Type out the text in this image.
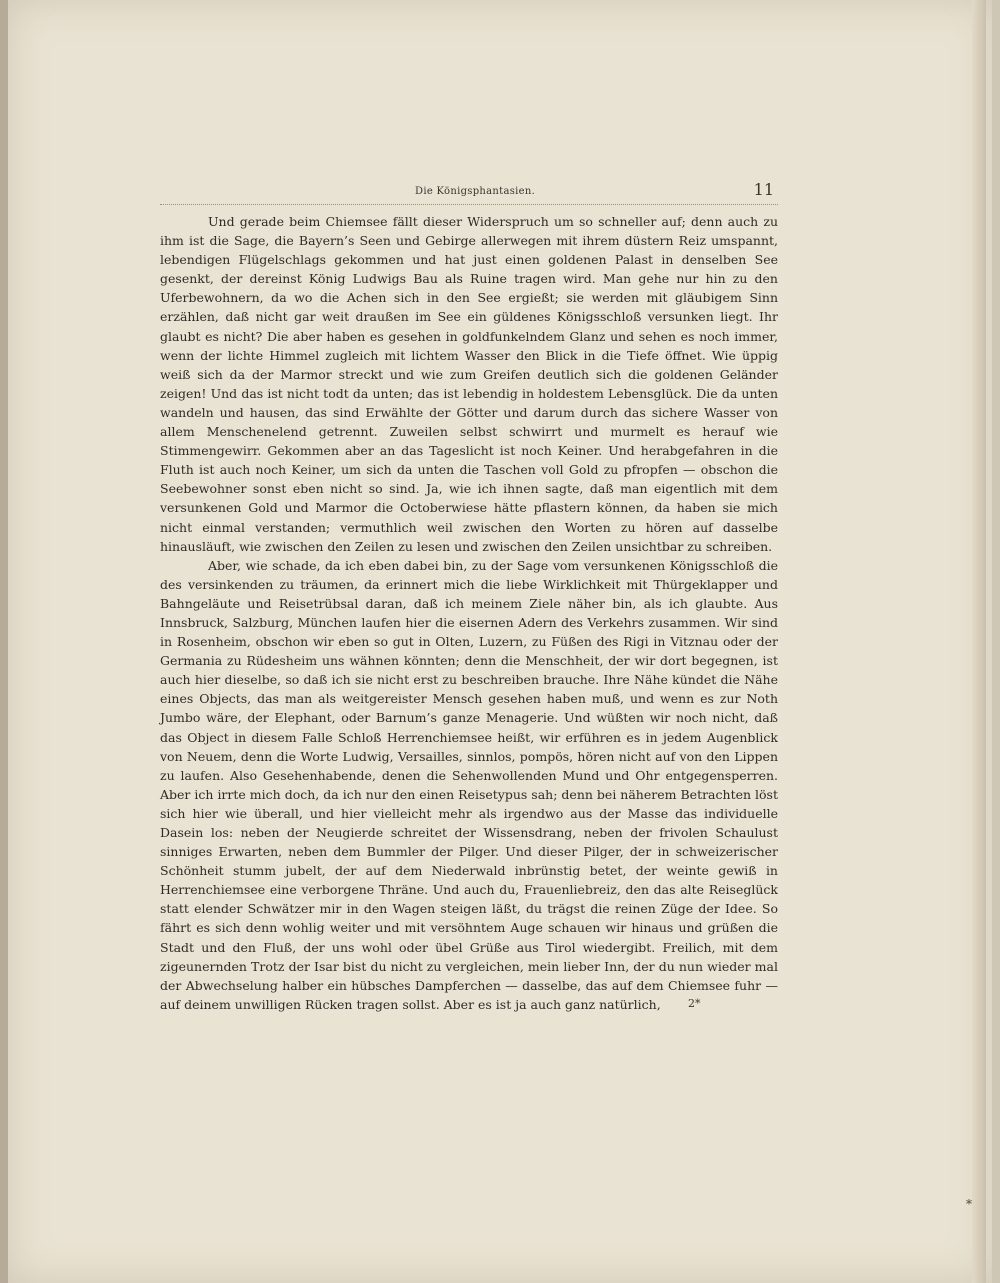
Die Königsphantasien.	11

Und gerade beim Chiemsee fällt dieser Widerspruch um so schneller auf; denn auch zu ihm ist die Sage, die Bayern’s Seen und Gebirge allerwegen mit ihrem düstern Reiz umspannt, lebendigen Flügelschlags gekommen und hat just einen goldenen Palast in denselben See gesenkt, der dereinst König Ludwigs Bau als Ruine tragen wird. Man gehe nur hin zu den Uferbewohnern, da wo die Achen sich in den See ergießt; sie werden mit gläubigem Sinn erzählen, daß nicht gar weit draußen im See ein güldenes Königsschloß versunken liegt. Ihr glaubt es nicht? Die aber haben es gesehen in goldfunkelndem Glanz und sehen es noch immer, wenn der lichte Himmel zugleich mit lichtem Wasser den Blick in die Tiefe öffnet. Wie üppig weiß sich da der Marmor streckt und wie zum Greifen deutlich sich die goldenen Geländer zeigen! Und das ist nicht todt da unten; das ist lebendig in holdestem Lebensglück. Die da unten wandeln und hausen, das sind Erwählte der Götter und darum durch das sichere Wasser von allem Menschenelend getrennt. Zuweilen selbst schwirrt und murmelt es herauf wie Stimmengewirr. Gekommen aber an das Tageslicht ist noch Keiner. Und herabgefahren in die Fluth ist auch noch Keiner, um sich da unten die Taschen voll Gold zu pfropfen — obschon die Seebewohner sonst eben nicht so sind. Ja, wie ich ihnen sagte, daß man eigentlich mit dem versunkenen Gold und Marmor die Octoberwiese hätte pflastern können, da haben sie mich nicht einmal verstanden; vermuthlich weil zwischen den Worten zu hören auf dasselbe hinausläuft, wie zwischen den Zeilen zu lesen und zwischen den Zeilen unsichtbar zu schreiben.

Aber, wie schade, da ich eben dabei bin, zu der Sage vom versunkenen Königsschloß die des versinkenden zu träumen, da erinnert mich die liebe Wirklichkeit mit Thürgeklapper und Bahngeläute und Reisetrübsal daran, daß ich meinem Ziele näher bin, als ich glaubte. Aus Innsbruck, Salzburg, München laufen hier die eisernen Adern des Verkehrs zusammen. Wir sind in Rosenheim, obschon wir eben so gut in Olten, Luzern, zu Füßen des Rigi in Vitznau oder der Germania zu Rüdesheim uns wähnen könnten; denn die Menschheit, der wir dort begegnen, ist auch hier dieselbe, so daß ich sie nicht erst zu beschreiben brauche. Ihre Nähe kündet die Nähe eines Objects, das man als weitgereister Mensch gesehen haben muß, und wenn es zur Noth Jumbo wäre, der Elephant, oder Barnum’s ganze Menagerie. Und wüßten wir noch nicht, daß das Object in diesem Falle Schloß Herrenchiemsee heißt, wir erführen es in jedem Augenblick von Neuem, denn die Worte Ludwig, Versailles, sinnlos, pompös, hören nicht auf von den Lippen zu laufen. Also Gesehenhabende, denen die Sehenwollenden Mund und Ohr entgegensperren. Aber ich irrte mich doch, da ich nur den einen Reisetypus sah; denn bei näherem Betrachten löst sich hier wie überall, und hier vielleicht mehr als irgendwo aus der Masse das individuelle Dasein los: neben der Neugierde schreitet der Wissensdrang, neben der frivolen Schaulust sinniges Erwarten, neben dem Bummler der Pilger. Und dieser Pilger, der in schweizerischer Schönheit stumm jubelt, der auf dem Niederwald inbrünstig betet, der weinte gewiß in Herrenchiemsee eine verborgene Thräne. Und auch du, Frauenliebreiz, den das alte Reiseglück statt elender Schwätzer mir in den Wagen steigen läßt, du trägst die reinen Züge der Idee. So fährt es sich denn wohlig weiter und mit versöhntem Auge schauen wir hinaus und grüßen die Stadt und den Fluß, der uns wohl oder übel Grüße aus Tirol wiedergibt. Freilich, mit dem zigeunernden Trotz der Isar bist du nicht zu vergleichen, mein lieber Inn, der du nun wieder mal der Abwechselung halber ein hübsches Dampferchen — dasselbe, das auf dem Chiemsee fuhr — auf deinem unwilligen Rücken tragen sollst. Aber es ist ja auch ganz natürlich,	2*
*
